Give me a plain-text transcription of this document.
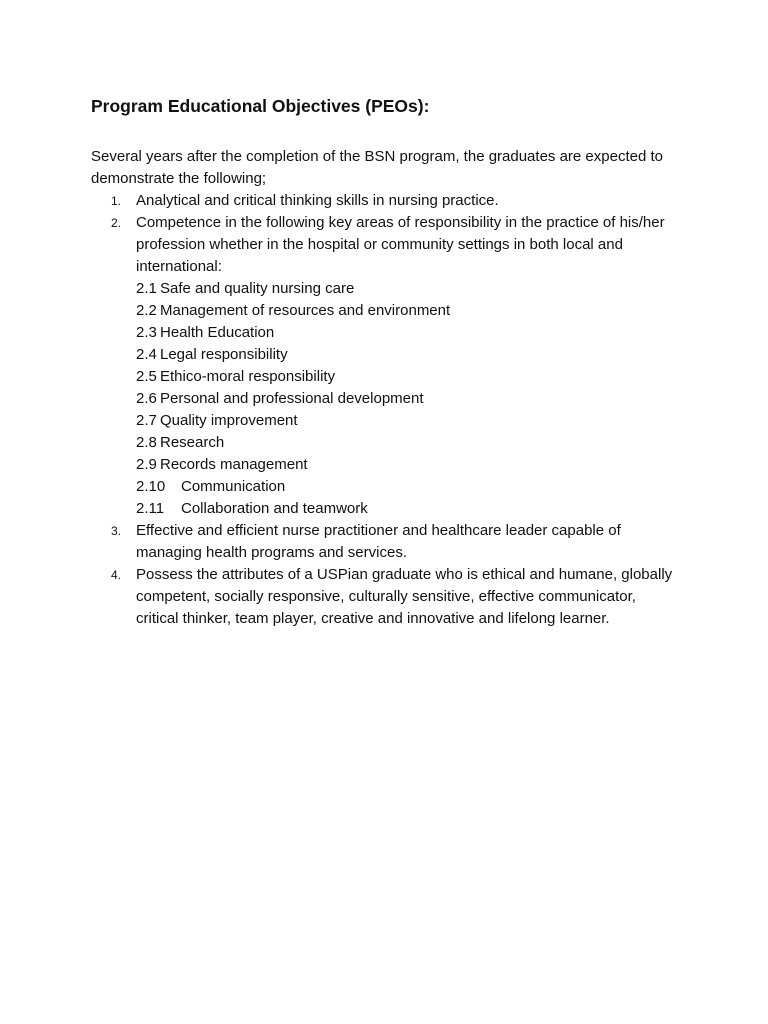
Program Educational Objectives (PEOs):

Several years after the completion of the BSN program, the graduates are expected to demonstrate the following;

1. Analytical and critical thinking skills in nursing practice.
2. Competence in the following key areas of responsibility in the practice of his/her profession whether in the hospital or community settings in both local and international:
2.1 Safe and quality nursing care
2.2 Management of resources and environment
2.3 Health Education
2.4 Legal responsibility
2.5 Ethico-moral responsibility
2.6 Personal and professional development
2.7 Quality improvement
2.8 Research
2.9 Records management
2.10 Communication
2.11 Collaboration and teamwork
3. Effective and efficient nurse practitioner and healthcare leader capable of managing health programs and services.
4. Possess the attributes of a USPian graduate who is ethical and humane, globally competent, socially responsive, culturally sensitive, effective communicator, critical thinker, team player, creative and innovative and lifelong learner.
